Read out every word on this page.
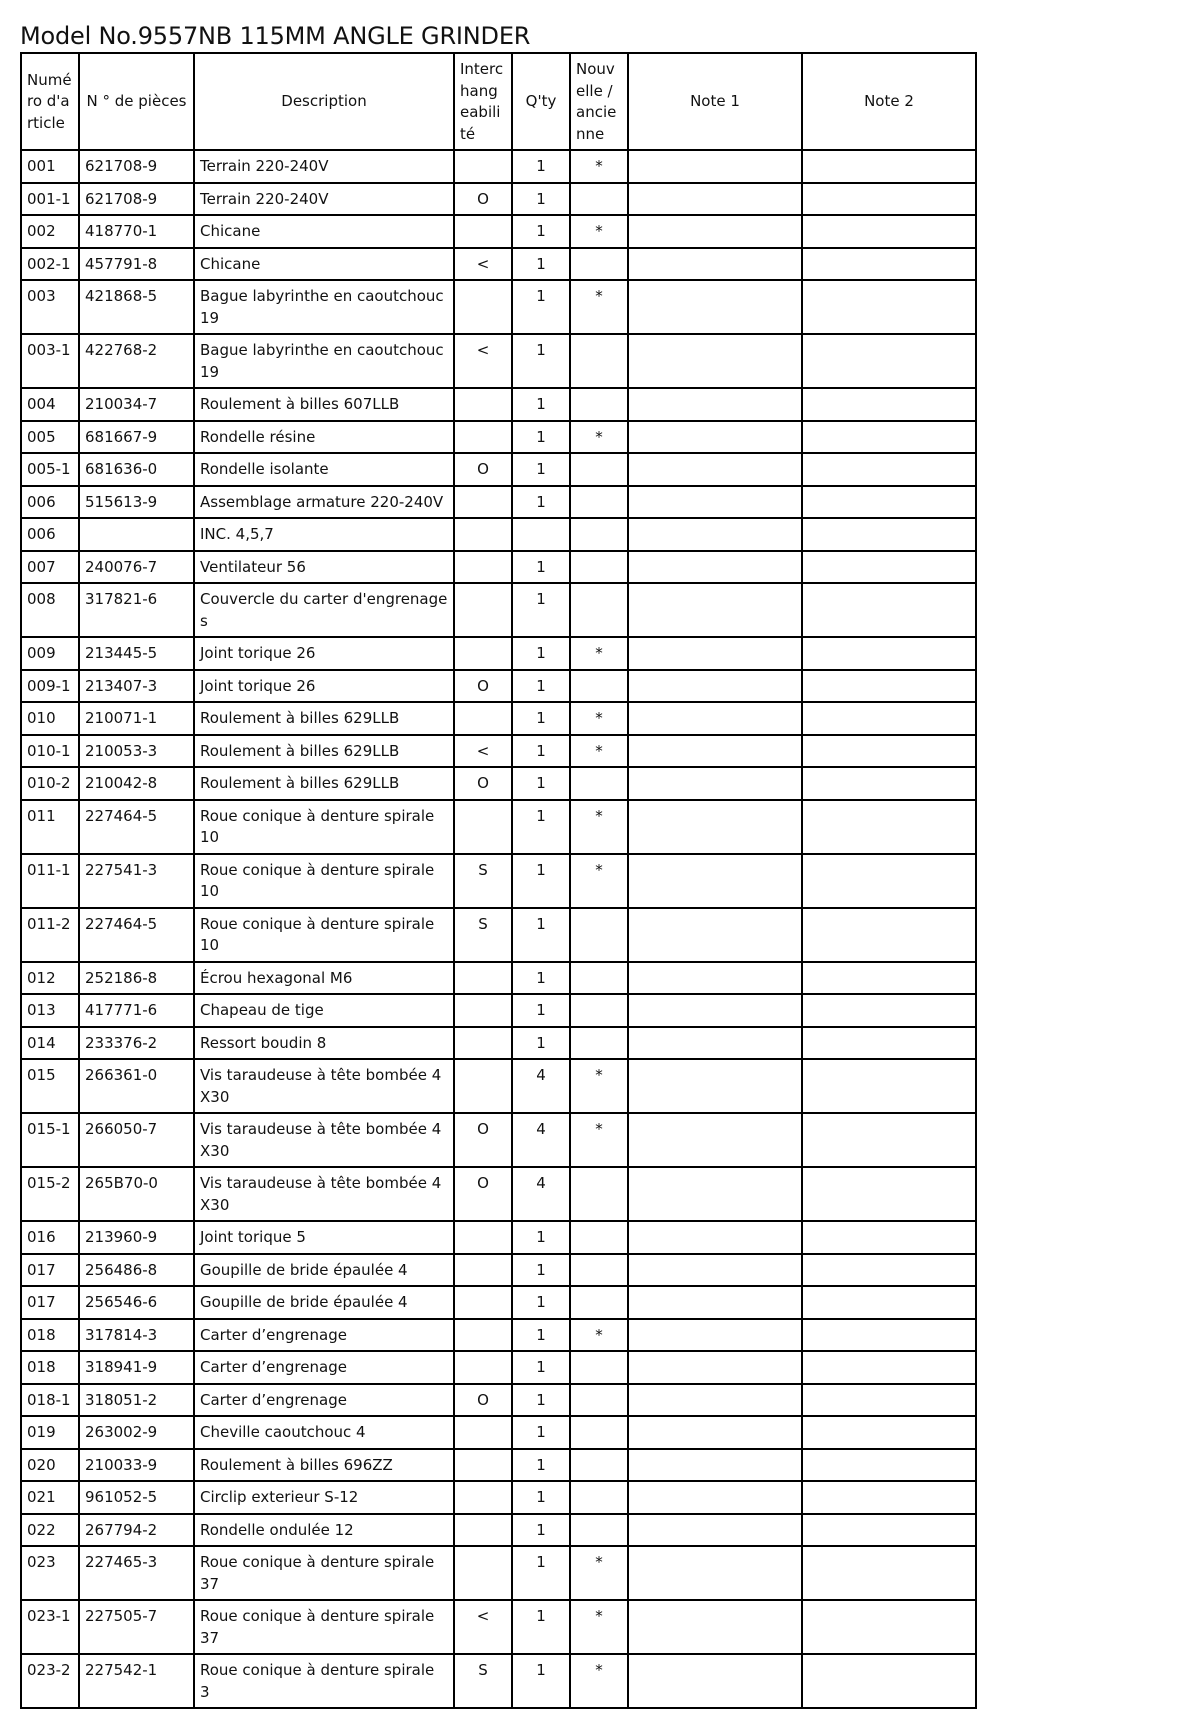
Model No.9557NB 115MM ANGLE GRINDER
Numéro d'article	N ° de pièces	Description	Interchangeabilité	Q'ty	Nouvelle / ancienne	Note 1	Note 2
001	621708-9	Terrain 220-240V		1	*		
001-1	621708-9	Terrain 220-240V	O	1			
002	418770-1	Chicane		1	*		
002-1	457791-8	Chicane	<	1			
003	421868-5	Bague labyrinthe en caoutchouc 19		1	*		
003-1	422768-2	Bague labyrinthe en caoutchouc 19	<	1			
004	210034-7	Roulement à billes 607LLB		1			
005	681667-9	Rondelle résine		1	*		
005-1	681636-0	Rondelle isolante	O	1			
006	515613-9	Assemblage armature 220-240V		1			
006		INC. 4,5,7					
007	240076-7	Ventilateur 56		1			
008	317821-6	Couvercle du carter d'engrenages		1			
009	213445-5	Joint torique 26		1	*		
009-1	213407-3	Joint torique 26	O	1			
010	210071-1	Roulement à billes 629LLB		1	*		
010-1	210053-3	Roulement à billes 629LLB	<	1	*		
010-2	210042-8	Roulement à billes 629LLB	O	1			
011	227464-5	Roue conique à denture spirale 10		1	*		
011-1	227541-3	Roue conique à denture spirale 10	S	1	*		
011-2	227464-5	Roue conique à denture spirale 10	S	1			
012	252186-8	Écrou hexagonal M6		1			
013	417771-6	Chapeau de tige		1			
014	233376-2	Ressort boudin 8		1			
015	266361-0	Vis taraudeuse à tête bombée 4X30		4	*		
015-1	266050-7	Vis taraudeuse à tête bombée 4X30	O	4	*		
015-2	265B70-0	Vis taraudeuse à tête bombée 4X30	O	4			
016	213960-9	Joint torique 5		1			
017	256486-8	Goupille de bride épaulée 4		1			
017	256546-6	Goupille de bride épaulée 4		1			
018	317814-3	Carter d’engrenage		1	*		
018	318941-9	Carter d’engrenage		1			
018-1	318051-2	Carter d’engrenage	O	1			
019	263002-9	Cheville caoutchouc 4		1			
020	210033-9	Roulement à billes 696ZZ		1			
021	961052-5	Circlip exterieur S-12		1			
022	267794-2	Rondelle ondulée 12		1			
023	227465-3	Roue conique à denture spirale 37		1	*		
023-1	227505-7	Roue conique à denture spirale 37	<	1	*		
023-2	227542-1	Roue conique à denture spirale 3	S	1	*		
